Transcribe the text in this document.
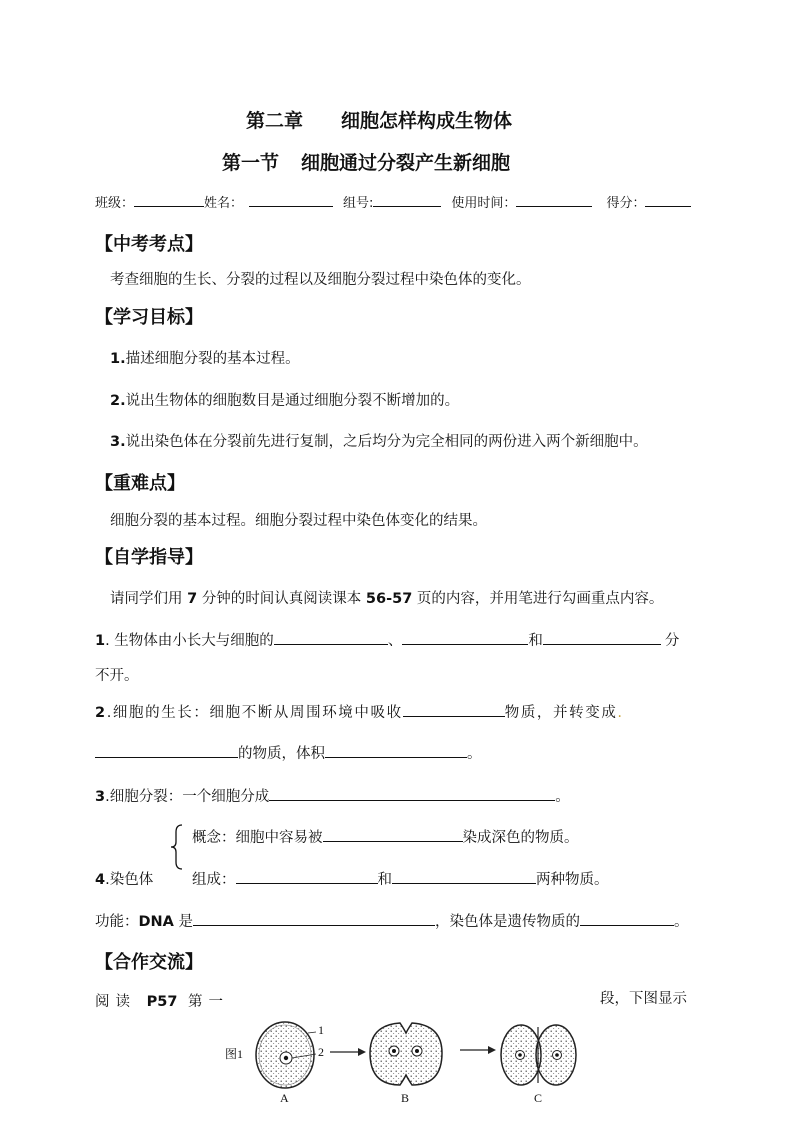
第二章 细胞怎样构成生物体
第一节 细胞通过分裂产生新细胞
班级：	姓名：	组号:	使用时间：	得分：
【中考考点】
考查细胞的生长、分裂的过程以及细胞分裂过程中染色体的变化。
【学习目标】
1.描述细胞分裂的基本过程。
2.说出生物体的细胞数目是通过细胞分裂不断增加的。
3.说出染色体在分裂前先进行复制，之后均分为完全相同的两份进入两个新细胞中。
【重难点】
细胞分裂的基本过程。细胞分裂过程中染色体变化的结果。
【自学指导】
请同学们用 7 分钟的时间认真阅读课本 56-57 页的内容，并用笔进行勾画重点内容。
1. 生物体由小长大与细胞的	、	和	分
不开。
2.细胞的生长：细胞不断从周围环境中吸收	物质，并转变成.
的物质，体积	。
3.细胞分裂：一个细胞分成	。
概念：细胞中容易被	染成深色的物质。
4.染色体	组成：	和	两种物质。
功能：DNA 是	，染色体是遗传物质的	。
【合作交流】
阅读 P57 第一	段，下图显示
图1
1
2
A	B	C
